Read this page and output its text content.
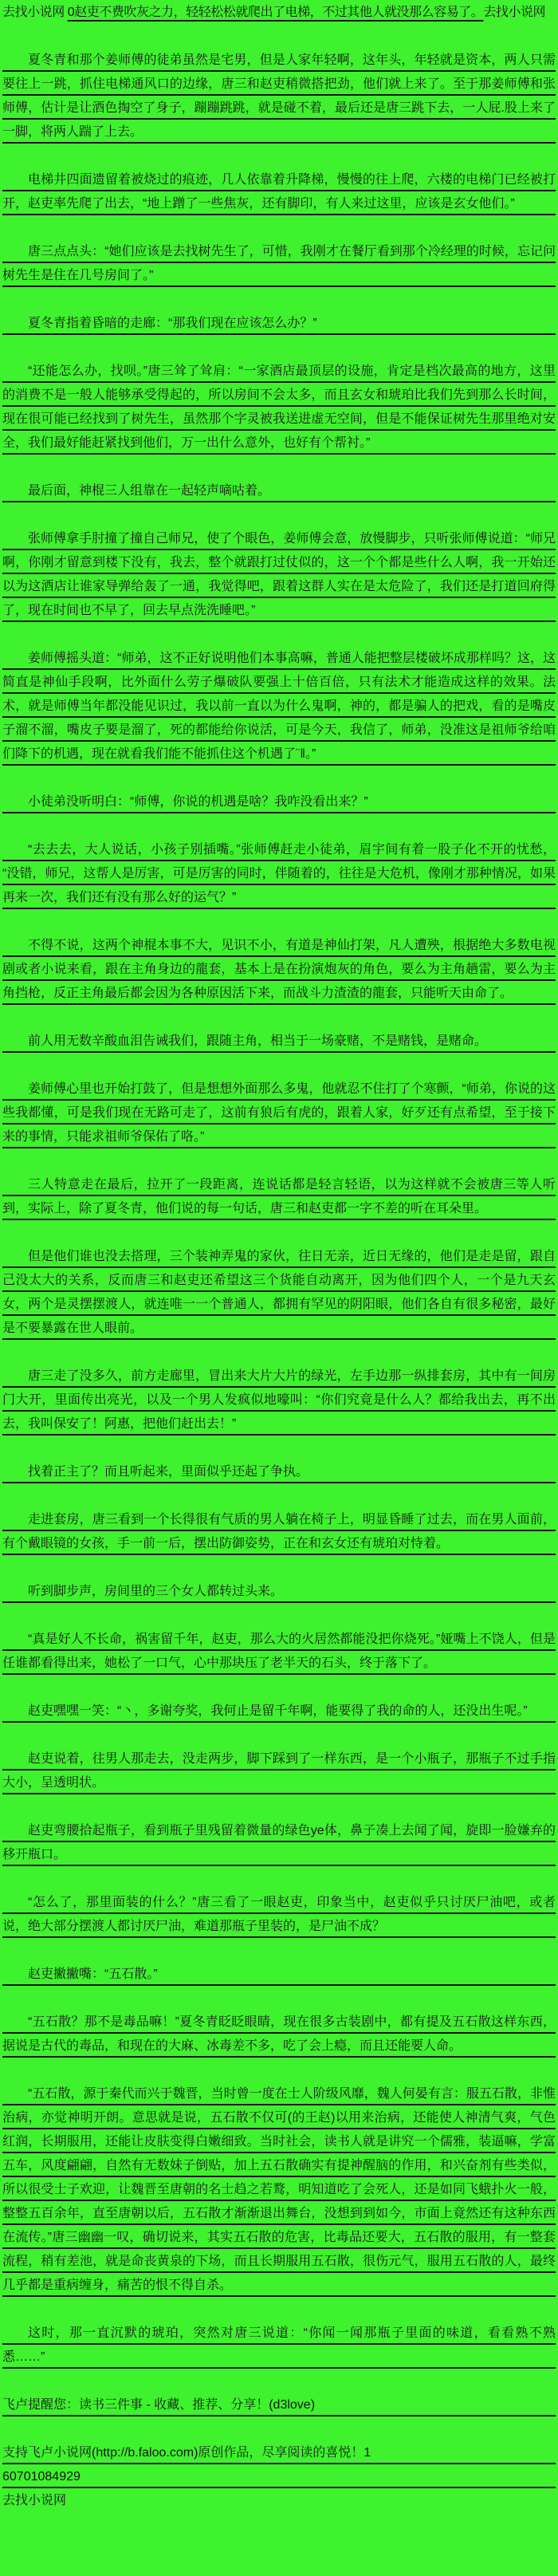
去找小说网 0赵吏不费吹灰之力，轻轻松松就爬出了电梯，不过其他人就没那么容易了。去找小说网
夏冬青和那个姜师傅的徒弟虽然是宅男，但是人家年轻啊，这年头，年轻就是资本，两人只需要往上一跳，抓住电梯通风口的边缘，唐三和赵吏稍微搭把劲，他们就上来了。至于那姜师傅和张师傅，估计是让酒色掏空了身子，蹦蹦跳跳，就是碰不着，最后还是唐三跳下去，一人屁.股上来了一脚，将两人踹了上去。
电梯井四面遗留着被烧过的痕迹，几人依靠着升降梯，慢慢的往上爬，六楼的电梯门已经被打开，赵吏率先爬了出去，“地上蹭了一些焦灰，还有脚印，有人来过这里，应该是玄女他们。”
唐三点点头：“她们应该是去找树先生了，可惜，我刚才在餐厅看到那个冷经理的时候，忘记问树先生是住在几号房间了。”
夏冬青指着昏暗的走廊：“那我们现在应该怎么办？”
“还能怎么办，找呗。”唐三耸了耸肩：“一家酒店最顶层的设施，肯定是档次最高的地方，这里的消费不是一般人能够承受得起的，所以房间不会太多，而且玄女和琥珀比我们先到那么长时间，现在很可能已经找到了树先生，虽然那个字灵被我送进虚无空间，但是不能保证树先生那里绝对安全，我们最好能赶紧找到他们，万一出什么意外，也好有个帮衬。”
最后面，神棍三人组靠在一起轻声嘀咕着。
张师傅拿手肘撞了撞自己师兄，使了个眼色，姜师傅会意，放慢脚步，只听张师傅说道：“师兄啊，你刚才留意到楼下没有，我去，整个就跟打过仗似的，这一个个都是些什么人啊，我一开始还以为这酒店让谁家导弹给轰了一通，我觉得吧，跟着这群人实在是太危险了，我们还是打道回府得了，现在时间也不早了，回去早点洗洗睡吧。”
姜师傅摇头道：“师弟，这不正好说明他们本事高嘛，普通人能把整层楼破坏成那样吗？这，这简直是神仙手段啊，比外面什么劳子爆破队要强上十倍百倍，只有法术才能造成这样的效果。法术，就是师傅当年都没能见识过，我以前一直以为什么鬼啊，神的，都是骗人的把戏，看的是嘴皮子溜不溜，嘴皮子要是溜了，死的都能给你说活，可是今天，我信了，师弟，没准这是祖师爷给咱们降下的机遇，现在就看我们能不能抓住这个机遇了¨‖。”
小徒弟没听明白：“师傅，你说的机遇是啥？我咋没看出来？”
“去去去，大人说话，小孩子别插嘴。”张师傅赶走小徒弟，眉宇间有着一股子化不开的忧愁，“没错，师兄，这帮人是厉害，可是厉害的同时，伴随着的，往往是大危机，像刚才那种情况，如果再来一次，我们还有没有那么好的运气？”
不得不说，这两个神棍本事不大，见识不小，有道是神仙打架，凡人遭殃，根据绝大多数电视剧或者小说来看，跟在主角身边的龍套，基本上是在扮演炮灰的角色，要么为主角趟雷，要么为主角挡枪，反正主角最后都会因为各种原因活下来，而战斗力渣渣的龍套，只能听天由命了。
前人用无数辛酸血泪告诫我们，跟随主角，相当于一场豪赌，不是赌钱，是赌命。
姜师傅心里也开始打鼓了，但是想想外面那么多鬼，他就忍不住打了个寒颤，“师弟，你说的这些我都懂，可是我们现在无路可走了，这前有狼后有虎的，跟着人家，好歹还有点希望，至于接下来的事情，只能求祖师爷保佑了咯。”
三人特意走在最后，拉开了一段距离，连说话都是轻言轻语，以为这样就不会被唐三等人听到，实际上，除了夏冬青，他们说的每一句话，唐三和赵吏都一字不差的听在耳朵里。
但是他们谁也没去搭理，三个装神弄鬼的家伙，往日无亲，近日无缘的，他们是走是留，跟自己没太大的关系，反而唐三和赵吏还希望这三个货能自动离开，因为他们四个人，一个是九天玄女，两个是灵摆摆渡人，就连唯一一个普通人，都拥有罕见的阴阳眼，他们各自有很多秘密，最好是不要暴露在世人眼前。
唐三走了没多久，前方走廊里，冒出来大片大片的绿光，左手边那一纵排套房，其中有一间房门大开，里面传出亮光，以及一个男人发疯似地嚎叫：“你们究竟是什么人？都给我出去，再不出去，我叫保安了！阿惠，把他们赶出去！”
找着正主了？而且听起来，里面似乎还起了争执。
走进套房，唐三看到一个长得很有气质的男人躺在椅子上，明显昏睡了过去，而在男人面前，有个戴眼镜的女孩，手一前一后，摆出防御姿势，正在和玄女还有琥珀对恃着。
听到脚步声，房间里的三个女人都转过头来。
“真是好人不长命，祸害留千年，赵吏，那么大的火居然都能没把你烧死。”娅嘴上不饶人，但是任谁都看得出来，她松了一口气，心中那块压了老半天的石头，终于落下了。
赵吏嘿嘿一笑：“丶，多谢夸奖，我何止是留千年啊，能要得了我的命的人，还没出生呢。”
赵吏说着，往男人那走去，没走两步，脚下踩到了一样东西，是一个小瓶子，那瓶子不过手指大小，呈透明状。
赵吏弯腰拾起瓶子，看到瓶子里残留着微量的绿色ye体，鼻子凑上去闻了闻，旋即一脸嫌弃的移开瓶口。
“怎么了，那里面装的什么？”唐三看了一眼赵吏，印象当中，赵吏似乎只讨厌尸油吧，或者说，绝大部分摆渡人都讨厌尸油，难道那瓶子里装的，是尸油不成？
赵吏撇撇嘴：“五石散。”
“五石散？那不是毒品嘛！”夏冬青眨眨眼睛，现在很多古装剧中，都有提及五石散这样东西，据说是古代的毒品，和现在的大麻、冰毒差不多，吃了会上瘾，而且还能要人命。
“五石散，源于秦代而兴于魏晋，当时曾一度在士人阶级风靡，魏人何晏有言：服五石散，非惟治病，亦觉神明开朗。意思就是说，五石散不仅可(的王赵)以用来治病，还能使人神清气爽，气色红润，长期服用，还能让皮肤变得白嫩细致。当时社会，读书人就是讲究一个儒雅，装逼嘛，学富五车，风度翩翩，自然有无数妹子倒贴，加上五石散确实有提神醒脑的作用，和兴奋剂有些类似，所以很受士子欢迎，让魏晋至唐朝的名士趋之若鹜，明知道吃了会死人，还是如同飞蛾扑火一般，整整五百余年，直至唐朝以后，五石散才渐渐退出舞台，没想到到如今，市面上竟然还有这种东西在流传。”唐三幽幽一叹，确切说来，其实五石散的危害，比毒品还要大，五石散的服用，有一整套流程，稍有差池，就是命丧黄泉的下场，而且长期服用五石散，很伤元气，服用五石散的人，最终几乎都是重病缠身，痛苦的恨不得自杀。
这时，那一直沉默的琥珀，突然对唐三说道：“你闻一闻那瓶子里面的味道，看看熟不熟悉……”
飞卢提醒您：读书三件事 - 收藏、推荐、分享！(d3love)
支持飞卢小说网(http://b.faloo.com)原创作品，尽享阅读的喜悦！1
60701084929
去找小说网
